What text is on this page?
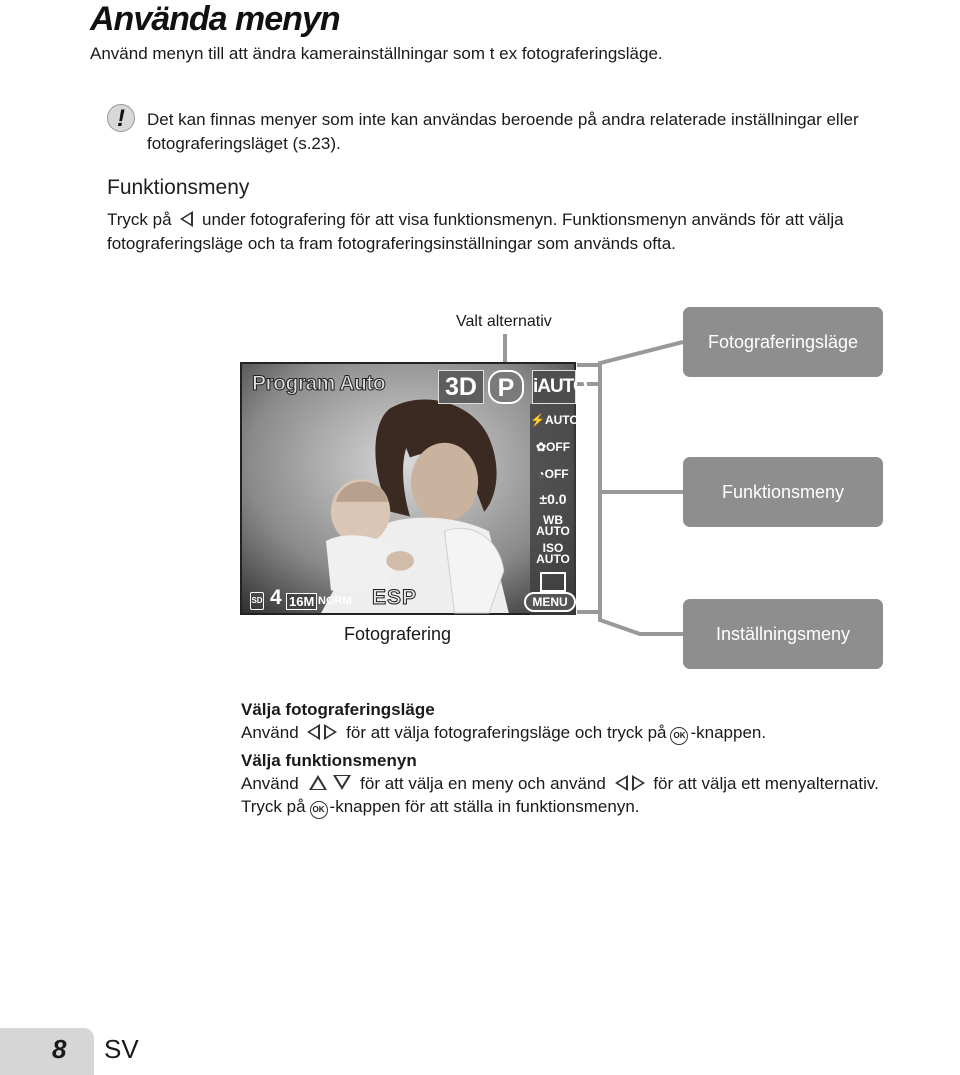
Använda menyn
Använd menyn till att ändra kamerainställningar som t ex fotograferingsläge.
!	Det kan finnas menyer som inte kan användas beroende på andra relaterade inställningar eller fotograferingsläget (s.23).
Funktionsmeny
Tryck på under fotografering för att visa funktionsmenyn. Funktionsmenyn används för att välja fotograferingsläge och ta fram fotograferingsinställningar som används ofta.
Valt alternativ
Program Auto 3D P iAUTO
⚡AUTO
✿OFF
◔OFF
±0.0
WB
AUTO
ISO
AUTO
SD 4 16M NORM ESP	MENU
Fotografering
Fotograferingsläge
Funktionsmeny
Inställningsmeny
Välja fotograferingsläge
Använd	för att välja fotograferingsläge och tryck på OK -knappen.
Välja funktionsmenyn
Använd	för att välja en meny och använd	för att välja ett menyalternativ.
Tryck på OK -knappen för att ställa in funktionsmenyn.
8 SV
